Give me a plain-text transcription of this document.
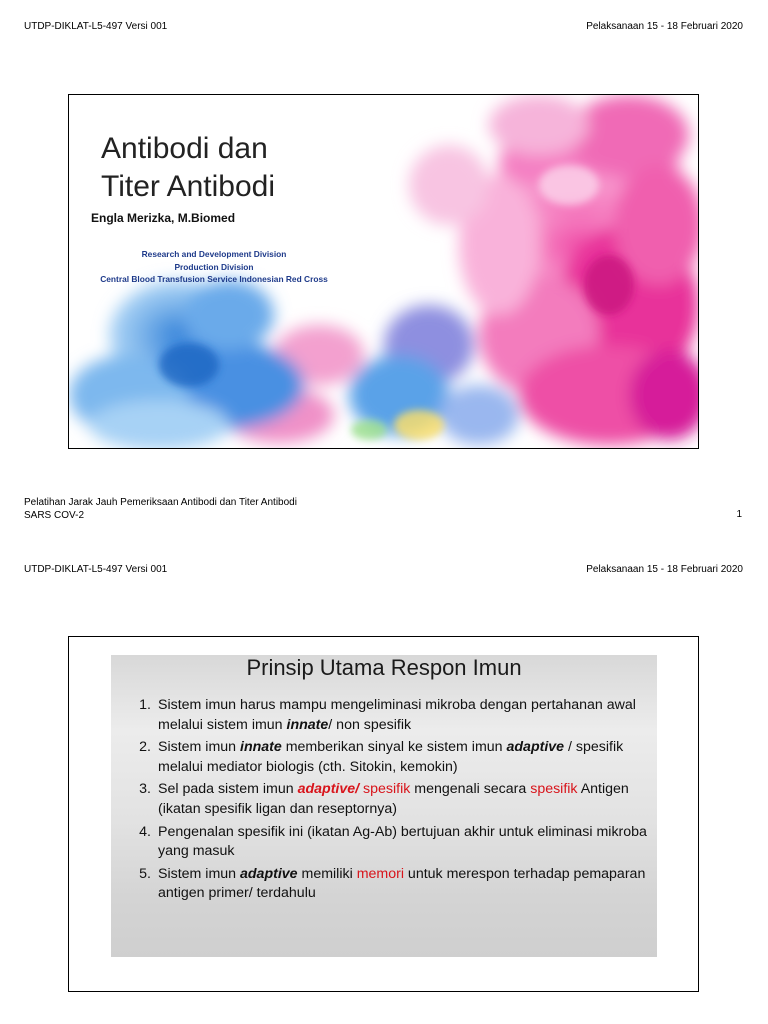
UTDP-DIKLAT-L5-497 Versi 001	Pelaksanaan 15 - 18 Februari 2020
Antibodi dan
Titer Antibodi
Engla Merizka, M.Biomed
Research and Development Division
Production Division
Central Blood Transfusion Service Indonesian Red Cross
Pelatihan Jarak Jauh Pemeriksaan Antibodi dan Titer Antibodi
SARS COV-2	1
UTDP-DIKLAT-L5-497 Versi 001	Pelaksanaan 15 - 18 Februari 2020
Prinsip Utama Respon Imun
1. Sistem imun harus mampu mengeliminasi mikroba dengan pertahanan awal melalui sistem imun innate/ non spesifik
2. Sistem imun innate memberikan sinyal ke sistem imun adaptive / spesifik melalui mediator biologis (cth. Sitokin, kemokin)
3. Sel pada sistem imun adaptive/ spesifik mengenali secara spesifik Antigen (ikatan spesifik ligan dan reseptornya)
4. Pengenalan spesifik ini (ikatan Ag-Ab) bertujuan akhir untuk eliminasi mikroba yang masuk
5. Sistem imun adaptive memiliki memori untuk merespon terhadap pemaparan antigen primer/ terdahulu
